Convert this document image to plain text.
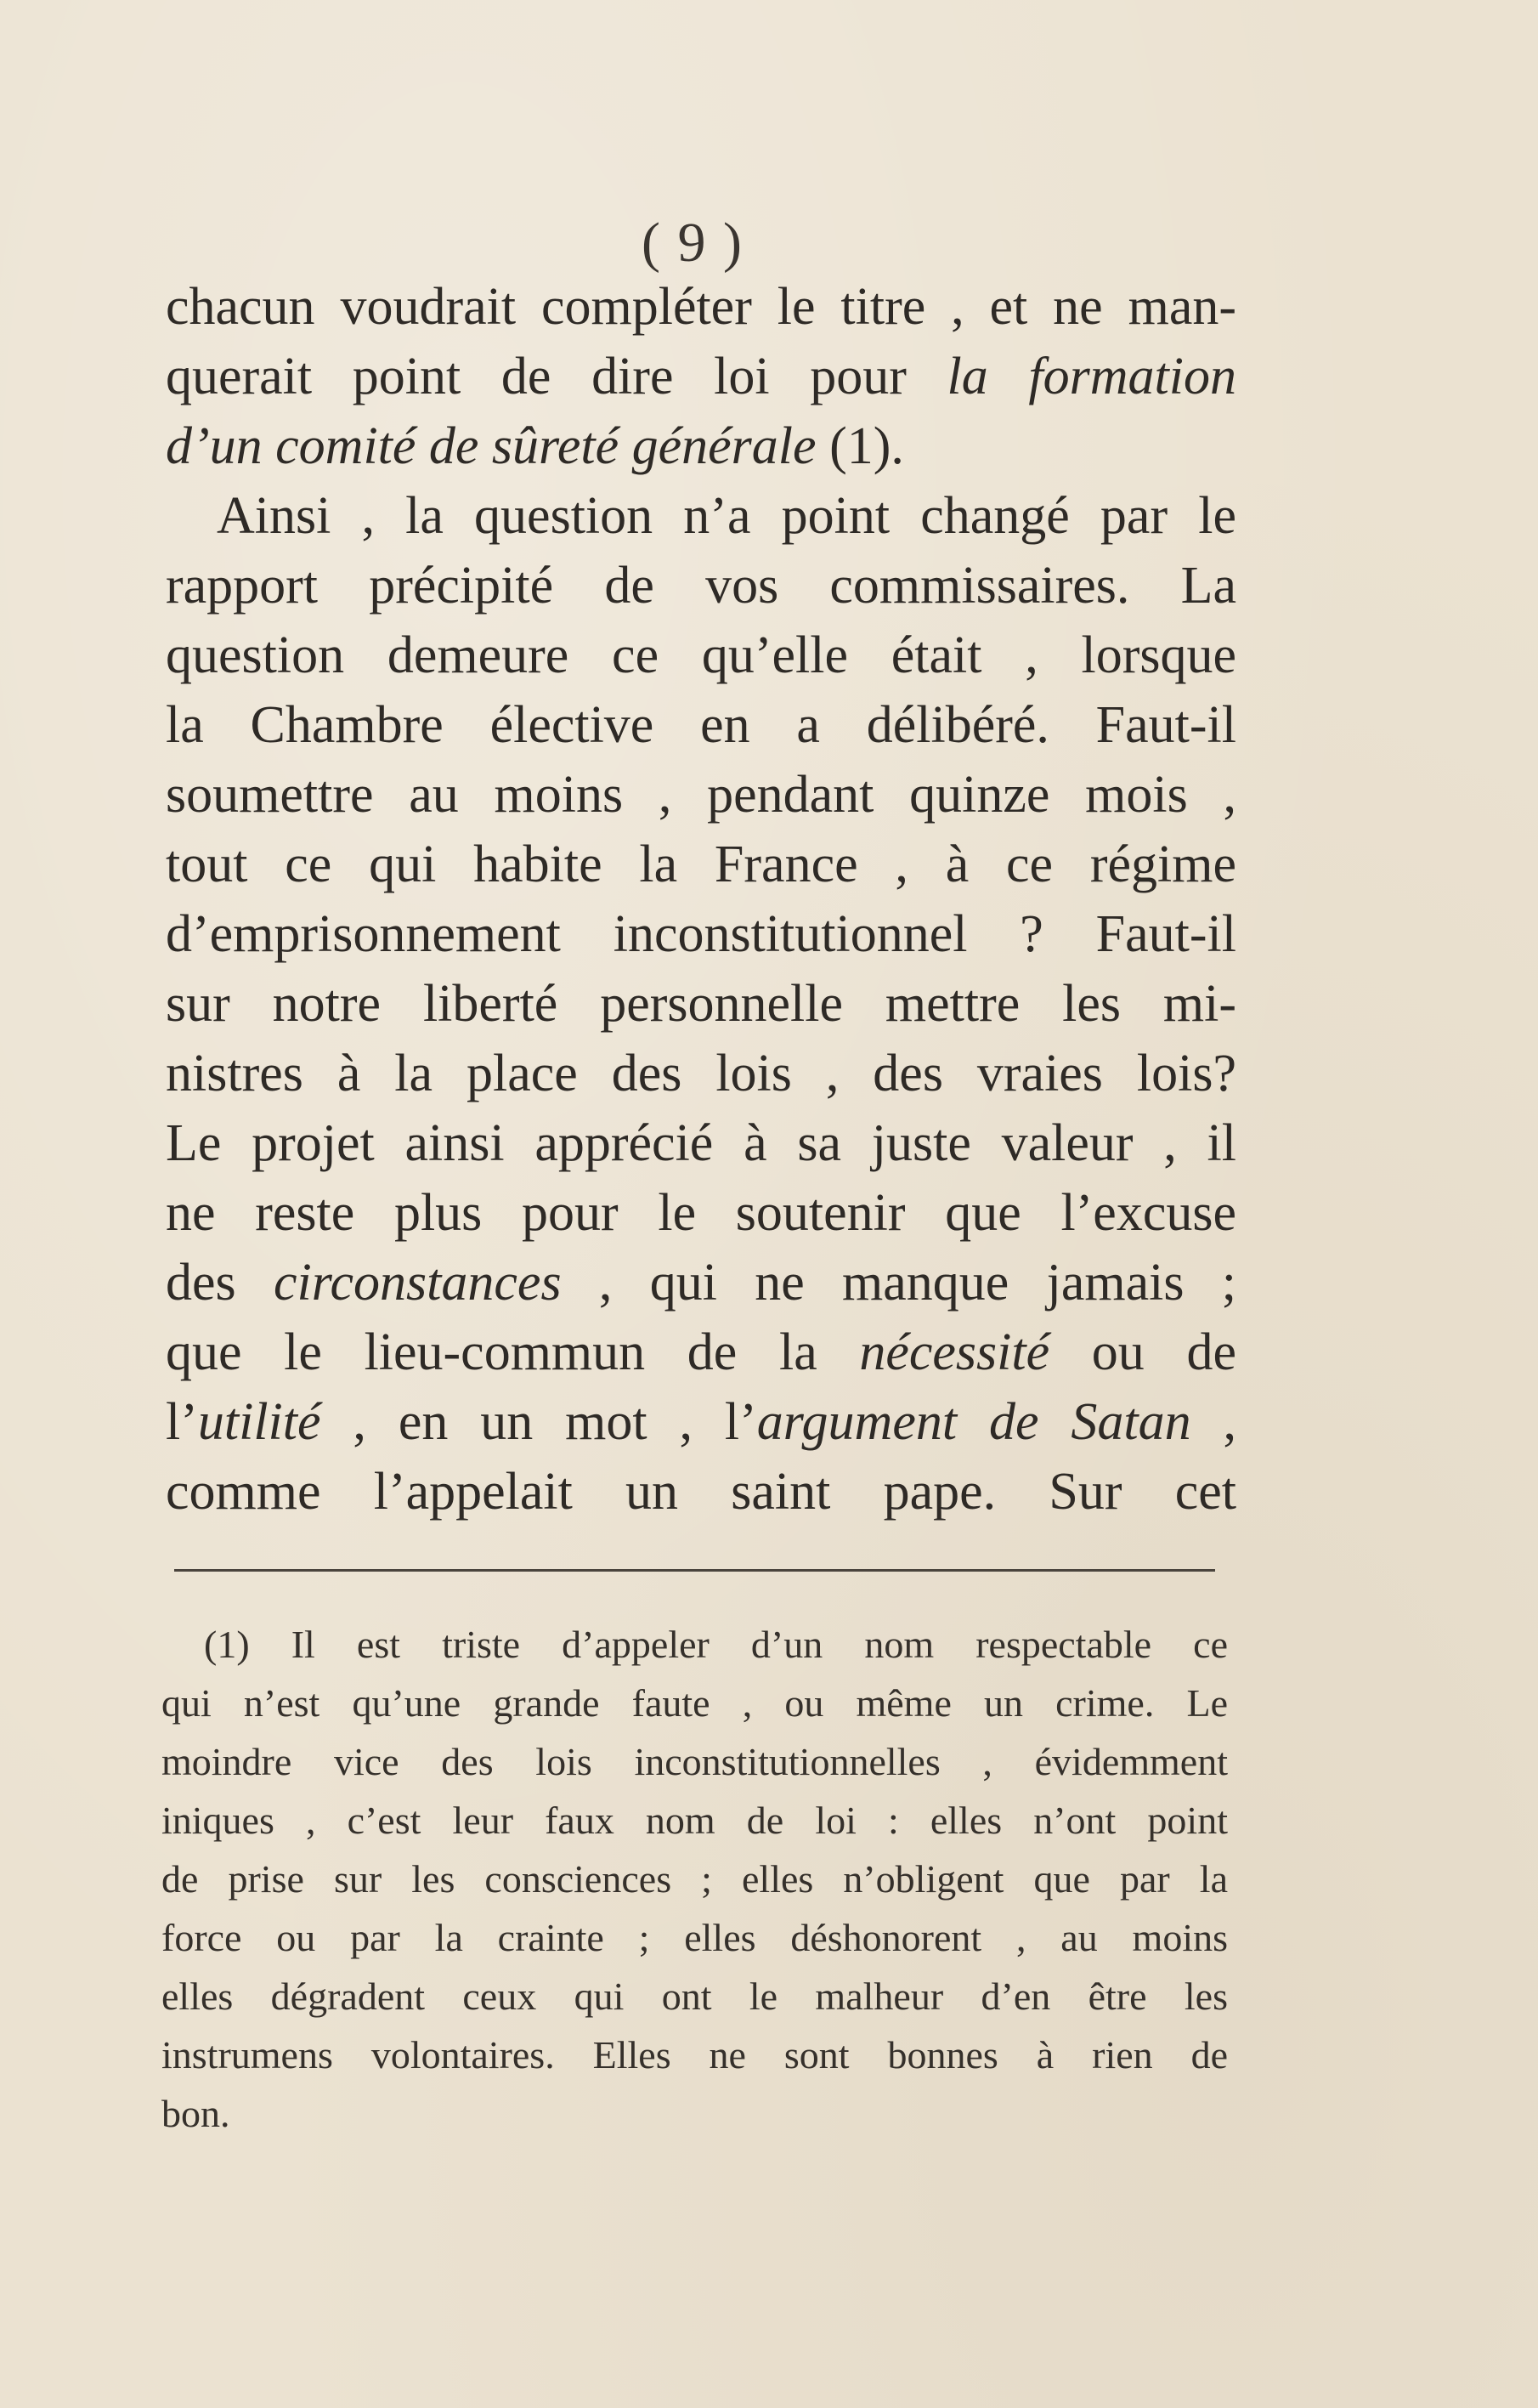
( 9 )
chacun voudrait compléter le titre , et ne man-
querait point de dire loi pour la formation
d’un comité de sûreté générale (1).
Ainsi , la question n’a point changé par le
rapport précipité de vos commissaires. La
question demeure ce qu’elle était , lorsque
la Chambre élective en a délibéré. Faut-il
soumettre au moins , pendant quinze mois ,
tout ce qui habite la France , à ce régime
d’emprisonnement inconstitutionnel ? Faut-il
sur notre liberté personnelle mettre les mi-
nistres à la place des lois , des vraies lois?
Le projet ainsi apprécié à sa juste valeur , il
ne reste plus pour le soutenir que l’excuse
des circonstances , qui ne manque jamais ;
que le lieu-commun de la nécessité ou de
l’utilité , en un mot , l’argument de Satan ,
comme l’appelait un saint pape. Sur cet
(1) Il est triste d’appeler d’un nom respectable ce
qui n’est qu’une grande faute , ou même un crime. Le
moindre vice des lois inconstitutionnelles , évidemment
iniques , c’est leur faux nom de loi : elles n’ont point
de prise sur les consciences ; elles n’obligent que par la
force ou par la crainte ; elles déshonorent , au moins
elles dégradent ceux qui ont le malheur d’en être les
instrumens volontaires. Elles ne sont bonnes à rien de
bon.
